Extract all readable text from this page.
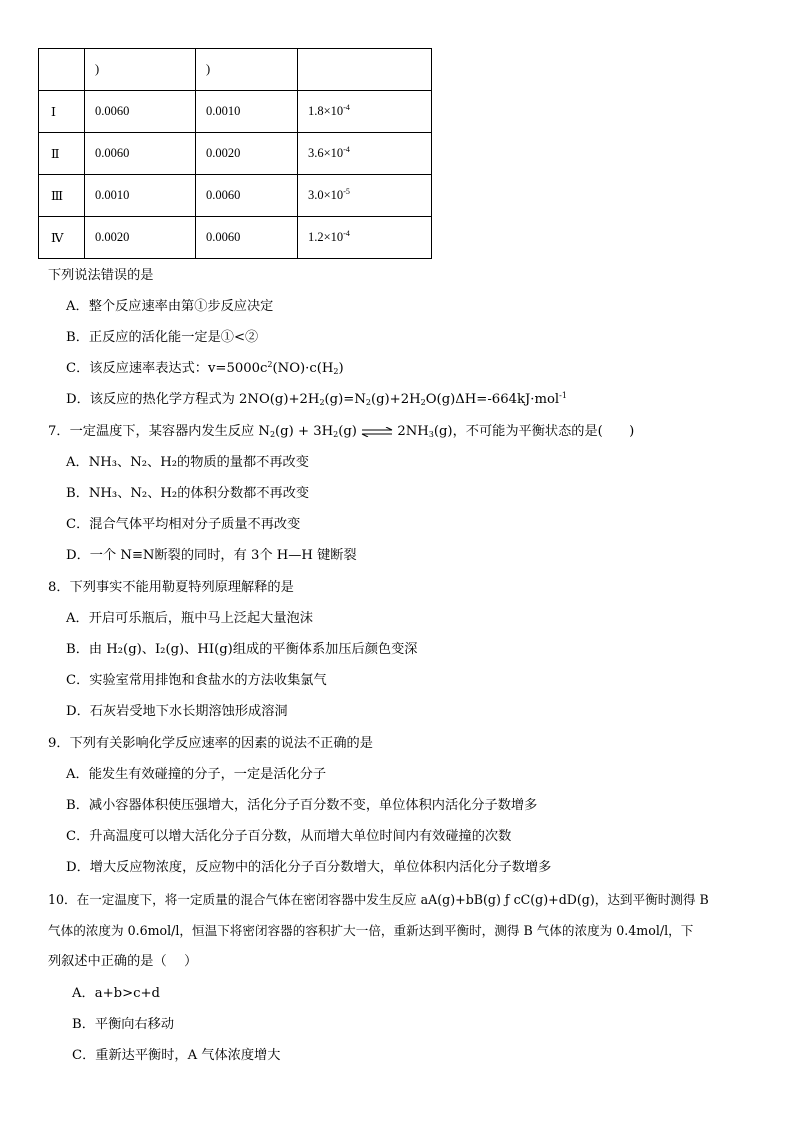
	)	)	
Ⅰ	0.0060	0.0010	$1.8\times 10^{-4}$
Ⅱ	0.0060	0.0020	$3.6\times 10^{-4}$
Ⅲ	0.0010	0.0060	$3.0\times 10^{-5}$
Ⅳ	0.0020	0.0060	$1.2\times 10^{-4}$
下列说法错误的是
A．整个反应速率由第①步反应决定
B．正反应的活化能一定是①<②
C．该反应速率表达式：$v=5000c^2(NO)\cdot c(H_2)$
D．该反应的热化学方程式为 $2NO(g)+2H_2(g)=N_2(g)+2H_2O(g)\Delta H=-664kJ\cdot mol^{-1}$
7．一定温度下，某容器内发生反应 $N_2(g) + 3H_2(g)$ ⇌ $2NH_3(g)$，不可能为平衡状态的是(　　)
A．NH₃、N₂、H₂的物质的量都不再改变
B．NH₃、N₂、H₂的体积分数都不再改变
C．混合气体平均相对分子质量不再改变
D．一个 N≡N断裂的同时，有 3个 H—H 键断裂
8．下列事实不能用勒夏特列原理解释的是
A．开启可乐瓶后，瓶中马上泛起大量泡沫
B．由 H₂(g)、I₂(g)、HI(g)组成的平衡体系加压后颜色变深
C．实验室常用排饱和食盐水的方法收集氯气
D．石灰岩受地下水长期溶蚀形成溶洞
9．下列有关影响化学反应速率的因素的说法不正确的是
A．能发生有效碰撞的分子，一定是活化分子
B．减小容器体积使压强增大，活化分子百分数不变，单位体积内活化分子数增多
C．升高温度可以增大活化分子百分数，从而增大单位时间内有效碰撞的次数
D．增大反应物浓度，反应物中的活化分子百分数增大，单位体积内活化分子数增多
10．在一定温度下，将一定质量的混合气体在密闭容器中发生反应 aA(g)+bB(g) ƒ cC(g)+dD(g)，达到平衡时测得 B
气体的浓度为 0.6mol/l，恒温下将密闭容器的容积扩大一倍，重新达到平衡时，测得 B 气体的浓度为 0.4mol/l，下
列叙述中正确的是（　 ）
A．a+b>c+d
B．平衡向右移动
C．重新达平衡时，A 气体浓度增大
